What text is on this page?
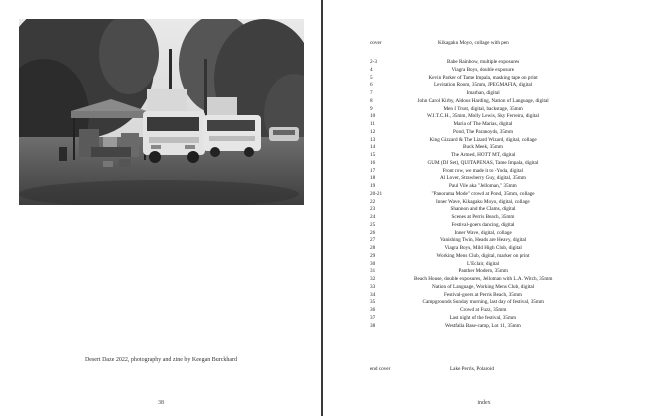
Desert Daze 2022, photography and zine by Keegan Burckhard
38
cover	Kikagaku Moyo, collage with pen
2-3	Babe Rainbow, multiple exposures
4	Viagra Boys, double exposure
5	Kevin Parker of Tame Impala, masking tape on print
6	Levitation Room, 35mm, JPEGMAFIA, digital
7	Imarhan, digital
8	John Carol Kirby, Aldous Harding, Nation of Language, digital
9	Men I Trust, digital, backstage, 35mm
10	W.I.T.C.H., 35mm, Molly Lewis, Sky Ferreira, digital
11	Maria of The Marias, digital
12	Pond, The Paranoyds, 35mm
13	King Gizzard & The Lizard Wizard, digital, collage
14	Buck Meek, 35mm
15	The Armed, HOTT MT, digital
16	GUM (DJ Set), QUITAPENAS, Tame Impala, digital
17	Front row, we made it to -Yoda, digital
18	Al Lover, Strawberry Guy, digital, 35mm
19	Paul Vile aka "Jelloman," 35mm
20-21	"Panorama Mode" crowd at Pond, 35mm, collage
22	Inner Wave, Kikagaku Moyo, digital, collage
23	Shannon and the Clams, digital
24	Scenes at Perris Beach, 35mm
25	Festival-goers dancing, digital
26	Inner Wave, digital, collage
27	Vanishing Twin, Heads are Heavy, digital
28	Viagra Boys, Mild High Club, digital
29	Working Mens Club, digital, marker on print
30	L'Eclair, digital
31	Panther Modern, 35mm
32	Beach House, double exposures, Jelloman with L.A. Witch, 35mm
33	Nation of Language, Working Mens Club, digital
34	Festival-goers at Perris Beach, 35mm
35	Campgrounds Sunday morning, last day of festival, 35mm
36	Crowd at Fuzz, 35mm
37	Last night of the festival, 35mm
38	Westfalia Base-camp, Lot 11, 35mm
end cover	Lake Perris, Polaroid
index
